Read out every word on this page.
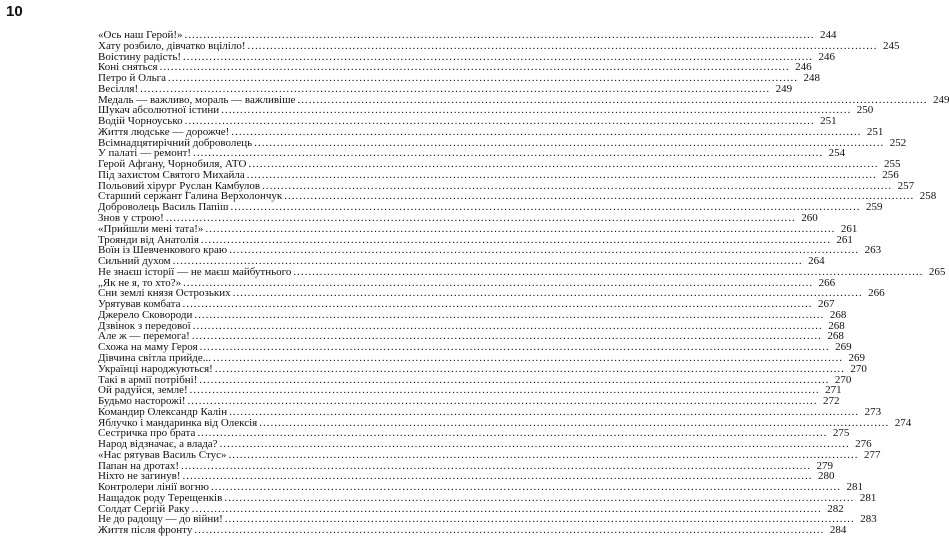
10
«Ось наш Герой!» .....	244
Хату розбило, дівчатко вціліло! .....	245
Воістину радість! .....	246
Коні сняться .....	246
Петро й Ольга .....	248
Весілля! .....	249
Медаль — важливо, мораль — важливіше .....	249
Шукач абсолютної істини .....	250
Водій Чорноусько .....	251
Життя людське — дорожче! .....	251
Всімнадцятирічний доброволець .....	252
У палаті — ремонт! .....	254
Герой Афгану, Чорнобиля, АТО .....	255
Під захистом Святого Михайла .....	256
Польовий хірург Руслан Камбулов .....	257
Старший сержант Галина Верхолончук .....	258
Доброволець Василь Папіш .....	259
Знов у строю! .....	260
«Прийшли мені тата!» .....	261
Троянди від Анатолія .....	261
Воїн із Шевченкового краю .....	263
Сильний духом .....	264
Не знаєш історії — не маєш майбутнього .....	265
„Як не я, то хто?» .....	266
Сни землі князя Острозьких .....	266
Урятував комбата .....	267
Джерело Сковороди .....	268
Дзвінок з передової .....	268
Але ж — перемога! .....	268
Схожа на маму Героя .....	269
Дівчина світла прийде... .....	269
Українці народжуються! .....	270
Такі в армії потрібні! .....	270
Ой радуйся, земле! .....	271
Будьмо насторожі! .....	272
Командир Олександр Калін .....	273
Яблучко і мандаринка від Олексія .....	274
Сестричка про брата .....	275
Народ відзначає, а влада? .....	276
«Нас рятував Василь Стус» .....	277
Папан на дротах! .....	279
Ніхто не загинув! .....	280
Контролери лінії вогню .....	281
Нащадок роду Терещенків .....	281
Солдат Сергій Раку .....	282
Не до радощу — до війни! .....	283
Життя після фронту .....	284
